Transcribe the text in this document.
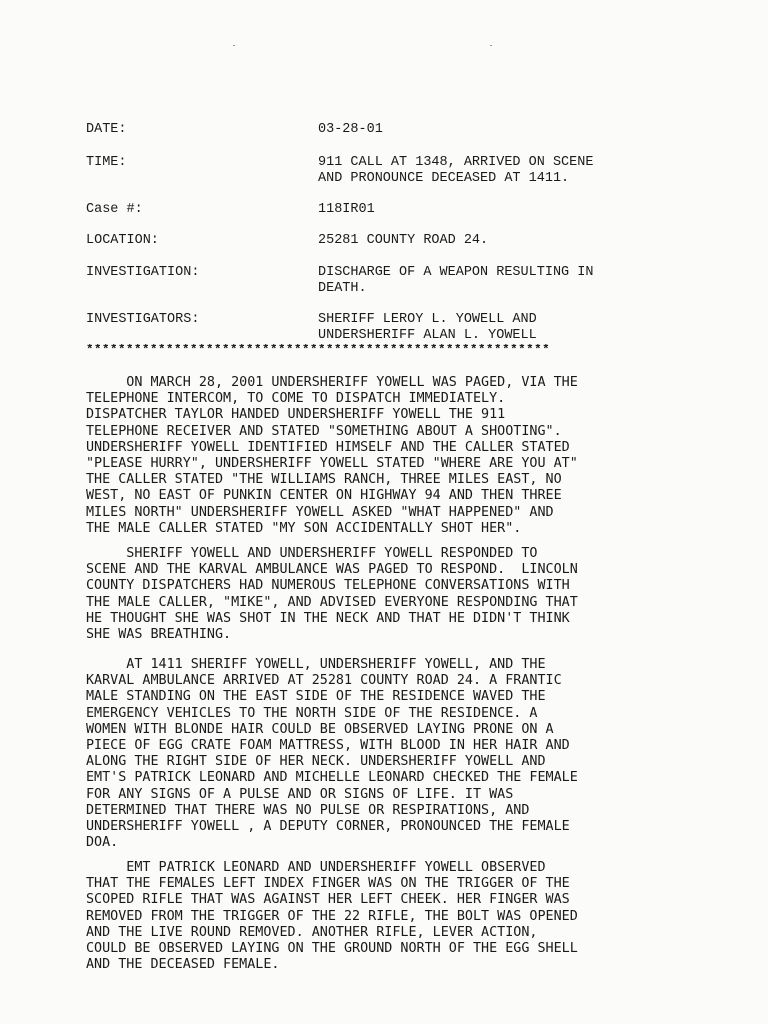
DATE:	03-28-01
TIME:	911 CALL AT 1348, ARRIVED ON SCENE
AND PRONOUNCE DECEASED AT 1411.
Case #:	118IR01
LOCATION:	25281 COUNTY ROAD 24.
INVESTIGATION:	DISCHARGE OF A WEAPON RESULTING IN
DEATH.
INVESTIGATORS:	SHERIFF LEROY L. YOWELL AND
UNDERSHERIFF ALAN L. YOWELL
**********************************************************
ON MARCH 28, 2001 UNDERSHERIFF YOWELL WAS PAGED, VIA THE
TELEPHONE INTERCOM, TO COME TO DISPATCH IMMEDIATELY.
DISPATCHER TAYLOR HANDED UNDERSHERIFF YOWELL THE 911
TELEPHONE RECEIVER AND STATED "SOMETHING ABOUT A SHOOTING".
UNDERSHERIFF YOWELL IDENTIFIED HIMSELF AND THE CALLER STATED
"PLEASE HURRY", UNDERSHERIFF YOWELL STATED "WHERE ARE YOU AT"
THE CALLER STATED "THE WILLIAMS RANCH, THREE MILES EAST, NO
WEST, NO EAST OF PUNKIN CENTER ON HIGHWAY 94 AND THEN THREE
MILES NORTH" UNDERSHERIFF YOWELL ASKED "WHAT HAPPENED" AND
THE MALE CALLER STATED "MY SON ACCIDENTALLY SHOT HER".
SHERIFF YOWELL AND UNDERSHERIFF YOWELL RESPONDED TO
SCENE AND THE KARVAL AMBULANCE WAS PAGED TO RESPOND.  LINCOLN
COUNTY DISPATCHERS HAD NUMEROUS TELEPHONE CONVERSATIONS WITH
THE MALE CALLER, "MIKE", AND ADVISED EVERYONE RESPONDING THAT
HE THOUGHT SHE WAS SHOT IN THE NECK AND THAT HE DIDN'T THINK
SHE WAS BREATHING.
AT 1411 SHERIFF YOWELL, UNDERSHERIFF YOWELL, AND THE
KARVAL AMBULANCE ARRIVED AT 25281 COUNTY ROAD 24. A FRANTIC
MALE STANDING ON THE EAST SIDE OF THE RESIDENCE WAVED THE
EMERGENCY VEHICLES TO THE NORTH SIDE OF THE RESIDENCE. A
WOMEN WITH BLONDE HAIR COULD BE OBSERVED LAYING PRONE ON A
PIECE OF EGG CRATE FOAM MATTRESS, WITH BLOOD IN HER HAIR AND
ALONG THE RIGHT SIDE OF HER NECK. UNDERSHERIFF YOWELL AND
EMT'S PATRICK LEONARD AND MICHELLE LEONARD CHECKED THE FEMALE
FOR ANY SIGNS OF A PULSE AND OR SIGNS OF LIFE. IT WAS
DETERMINED THAT THERE WAS NO PULSE OR RESPIRATIONS, AND
UNDERSHERIFF YOWELL , A DEPUTY CORNER, PRONOUNCED THE FEMALE
DOA.
EMT PATRICK LEONARD AND UNDERSHERIFF YOWELL OBSERVED
THAT THE FEMALES LEFT INDEX FINGER WAS ON THE TRIGGER OF THE
SCOPED RIFLE THAT WAS AGAINST HER LEFT CHEEK. HER FINGER WAS
REMOVED FROM THE TRIGGER OF THE 22 RIFLE, THE BOLT WAS OPENED
AND THE LIVE ROUND REMOVED. ANOTHER RIFLE, LEVER ACTION,
COULD BE OBSERVED LAYING ON THE GROUND NORTH OF THE EGG SHELL
AND THE DECEASED FEMALE.
